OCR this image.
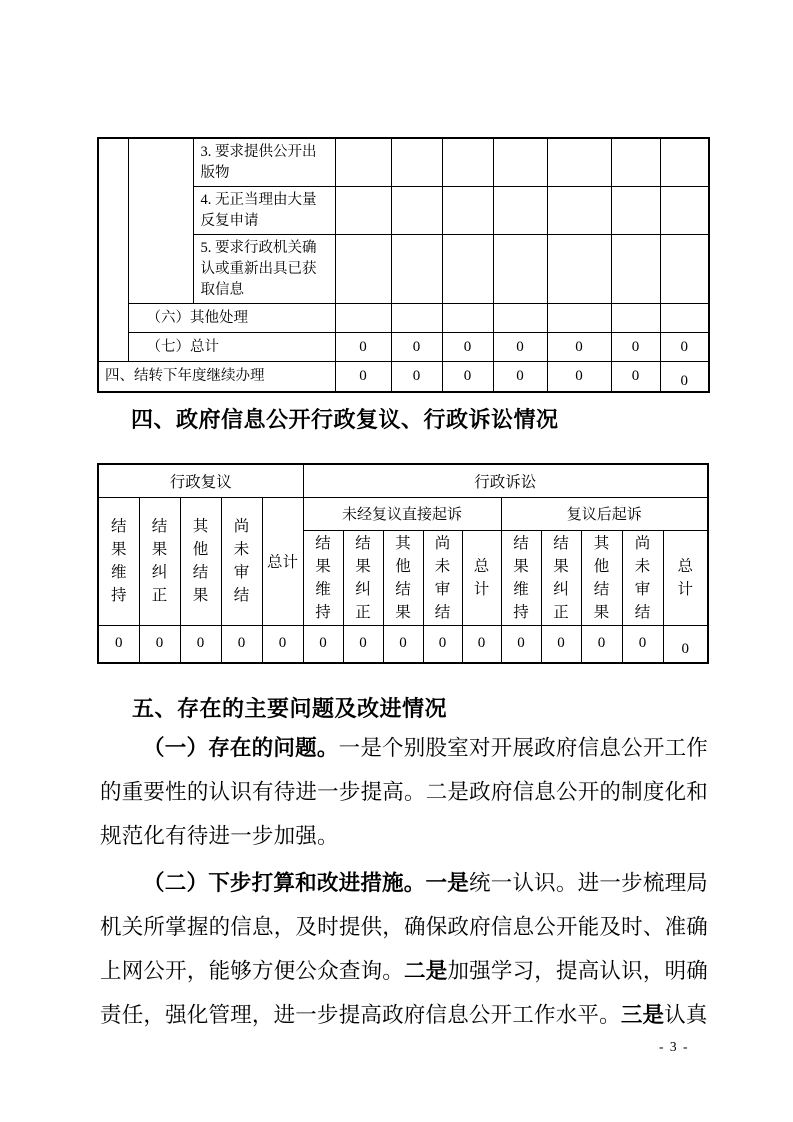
		3. 要求提供公开出版物							
		4. 无正当理由大量反复申请							
		5. 要求行政机关确认或重新出具已获取信息							
	（六）其他处理								
	（七）总计		0	0	0	0	0	0	0
四、结转下年度继续办理			0	0	0	0	0	0	0
四、政府信息公开行政复议、行政诉讼情况
行政复议					行政诉讼									
结果维持	结果纠正	其他结果	尚未审结	总计	未经复议直接起诉					复议后起诉				
					结果维持	结果纠正	其他结果	尚未审结	总计	结果维持	结果纠正	其他结果	尚未审结	总计
0	0	0	0	0	0	0	0	0	0	0	0	0	0	0
五、存在的主要问题及改进情况

（一）存在的问题。一是个别股室对开展政府信息公开工作的重要性的认识有待进一步提高。二是政府信息公开的制度化和规范化有待进一步加强。

（二）下步打算和改进措施。一是统一认识。进一步梳理局机关所掌握的信息，及时提供，确保政府信息公开能及时、准确上网公开，能够方便公众查询。二是加强学习，提高认识，明确责任，强化管理，进一步提高政府信息公开工作水平。三是认真

- 3 -
